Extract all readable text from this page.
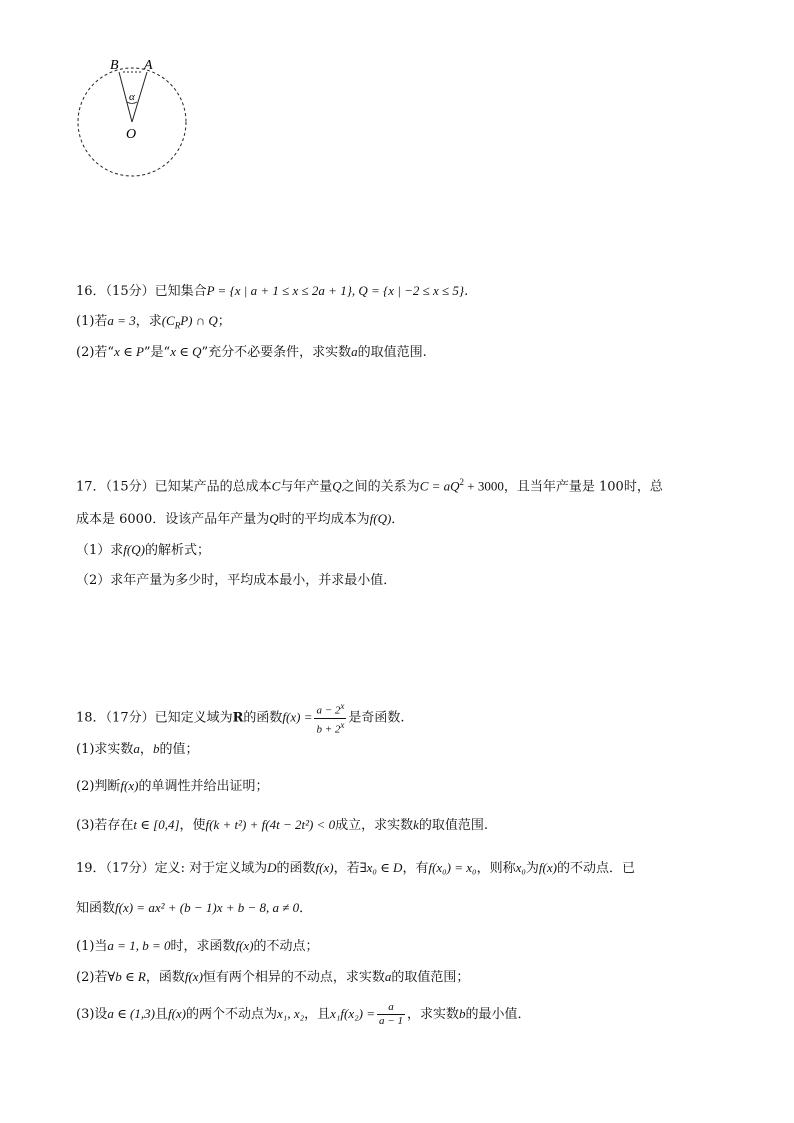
B A
α
O
16．（15分）已知集合P = {x | a + 1 ≤ x ≤ 2a + 1}, Q = {x | −2 ≤ x ≤ 5}.
(1)若a = 3，求$(C_RP)$ ∩ Q；
(2)若“x ∈ P”是“x ∈ Q”充分不必要条件，求实数a的取值范围.
17．（15分）已知某产品的总成本C与年产量Q之间的关系为$C = aQ^2 + 3000$，且当年产量是 100时，总
成本是 6000．设该产品年产量为Q时的平均成本为f(Q)．
（1）求f(Q)的解析式；
（2）求年产量为多少时，平均成本最小，并求最小值．
18．（17分）已知定义域为R的函数$f(x) = \frac{a - 2^x}{b + 2^x}$ 是奇函数.
(1)求实数a，b的值；
(2)判断f(x)的单调性并给出证明；
(3)若存在t ∈ [0,4]，使f(k + t²) + f(4t − 2t²) < 0成立，求实数k的取值范围.
19．（17分）定义: 对于定义域为D的函数f(x)，若∃x₀ ∈ D，有f(x₀) = x₀，则称x₀为f(x)的不动点．已
知函数f(x) = ax² + (b − 1)x + b − 8, a ≠ 0．
(1)当a = 1, b = 0时，求函数f(x)的不动点；
(2)若∀b ∈ R，函数f(x)恒有两个相异的不动点，求实数a的取值范围；
(3)设a ∈ (1,3)且f(x)的两个不动点为x₁, x₂，且$x_1f(x_2) = \frac{a}{a - 1}$ ，求实数b的最小值．
